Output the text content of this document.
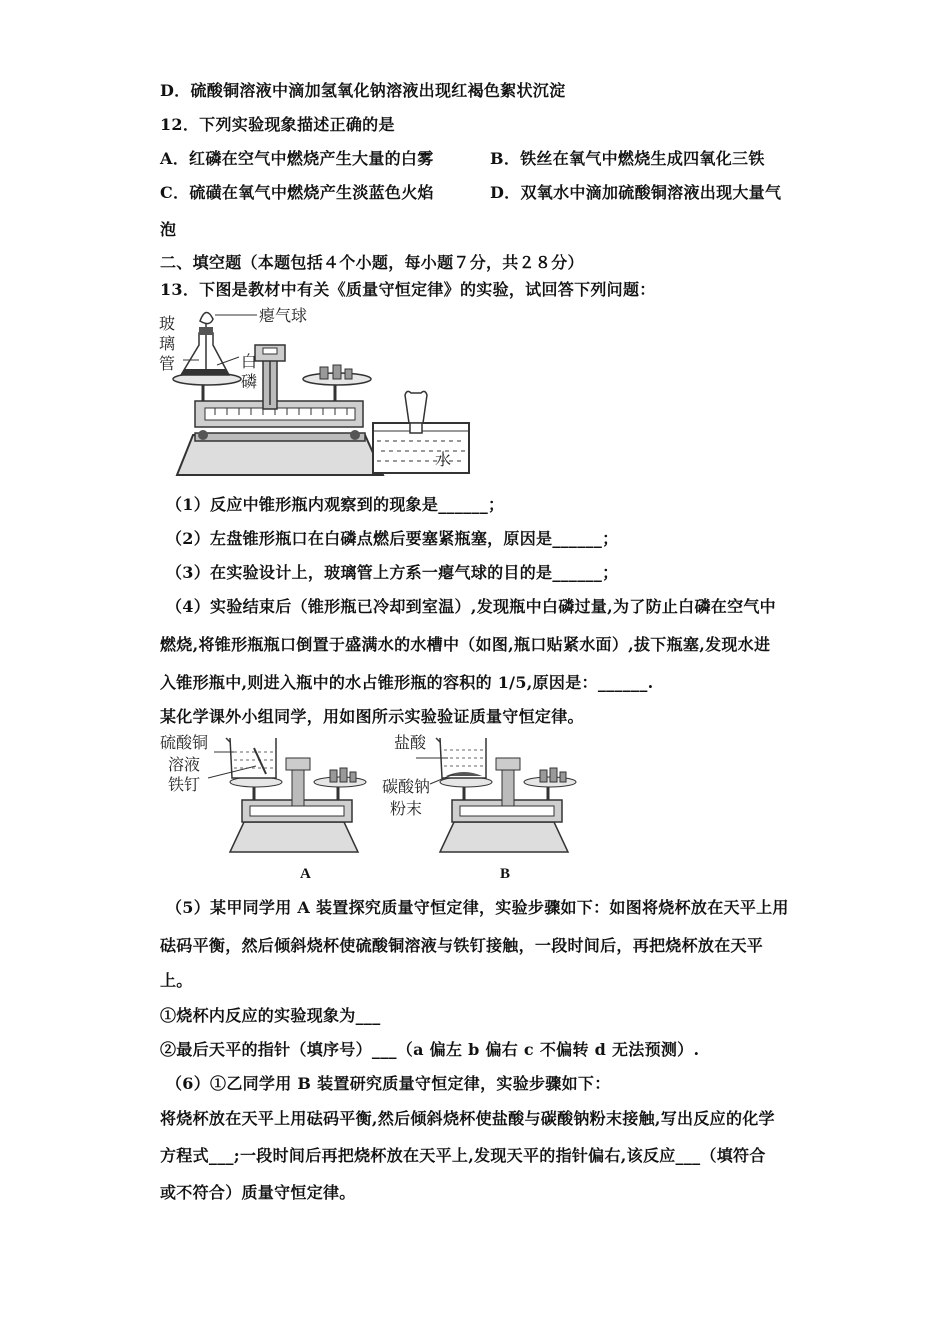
D．硫酸铜溶液中滴加氢氧化钠溶液出现红褐色絮状沉淀
12．下列实验现象描述正确的是
A．红磷在空气中燃烧产生大量的白雾	B．铁丝在氧气中燃烧生成四氧化三铁
C．硫磺在氧气中燃烧产生淡蓝色火焰	D．双氧水中滴加硫酸铜溶液出现大量气
泡
二、填空题（本题包括４个小题，每小题７分，共２８分）
13．下图是教材中有关《质量守恒定律》的实验，试回答下列问题：
瘪气球
玻
璃
管	白
磷
水
（1）反应中锥形瓶内观察到的现象是______；
（2）左盘锥形瓶口在白磷点燃后要塞紧瓶塞，原因是______；
（3）在实验设计上，玻璃管上方系一瘪气球的目的是______；
（4）实验结束后（锥形瓶已冷却到室温）,发现瓶中白磷过量,为了防止白磷在空气中
燃烧,将锥形瓶瓶口倒置于盛满水的水槽中（如图,瓶口贴紧水面）,拔下瓶塞,发现水进
入锥形瓶中,则进入瓶中的水占锥形瓶的容积的 1/5,原因是：______.
某化学课外小组同学，用如图所示实验验证质量守恒定律。
硫酸铜
溶液
铁钉
盐酸
碳酸钠
粉末
A	B
（5）某甲同学用 A 装置探究质量守恒定律，实验步骤如下：如图将烧杯放在天平上用
砝码平衡，然后倾斜烧杯使硫酸铜溶液与铁钉接触，一段时间后，再把烧杯放在天平
上。
①烧杯内反应的实验现象为___
②最后天平的指针（填序号）___（a 偏左 b 偏右 c 不偏转 d 无法预测）.
（6）①乙同学用 B 装置研究质量守恒定律，实验步骤如下：
将烧杯放在天平上用砝码平衡,然后倾斜烧杯使盐酸与碳酸钠粉末接触,写出反应的化学
方程式___;一段时间后再把烧杯放在天平上,发现天平的指针偏右,该反应___（填符合
或不符合）质量守恒定律。
